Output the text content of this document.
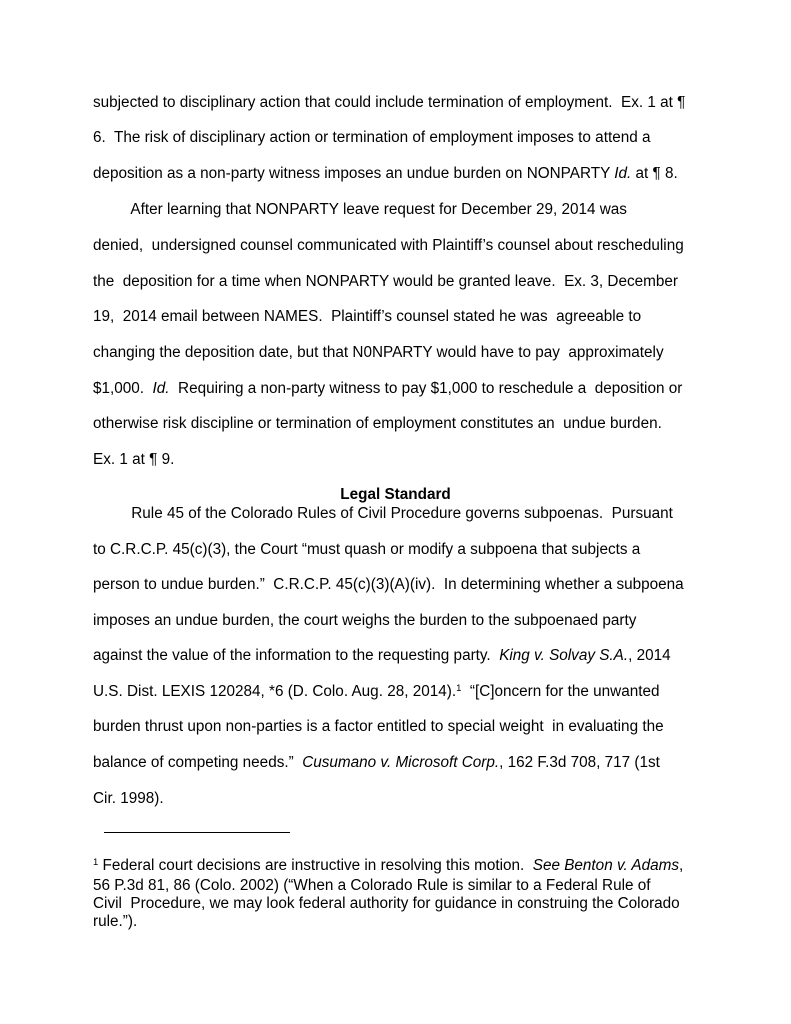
subjected to disciplinary action that could include termination of employment.  Ex. 1 at ¶
6.  The risk of disciplinary action or termination of employment imposes to attend a
deposition as a non-party witness imposes an undue burden on NONPARTY Id. at ¶ 8.
After learning that NONPARTY leave request for December 29, 2014 was
denied,  undersigned counsel communicated with Plaintiff’s counsel about rescheduling
the  deposition for a time when NONPARTY would be granted leave.  Ex. 3, December
19,  2014 email between NAMES.  Plaintiff’s counsel stated he was  agreeable to
changing the deposition date, but that N0NPARTY would have to pay  approximately
$1,000.  Id.  Requiring a non-party witness to pay $1,000 to reschedule a  deposition or
otherwise risk discipline or termination of employment constitutes an  undue burden.
Ex. 1 at ¶ 9.
Legal Standard
Rule 45 of the Colorado Rules of Civil Procedure governs subpoenas.  Pursuant
to C.R.C.P. 45(c)(3), the Court “must quash or modify a subpoena that subjects a
person to undue burden.”  C.R.C.P. 45(c)(3)(A)(iv).  In determining whether a subpoena
imposes an undue burden, the court weighs the burden to the subpoenaed party
against the value of the information to the requesting party.  King v. Solvay S.A., 2014
U.S. Dist. LEXIS 120284, *6 (D. Colo. Aug. 28, 2014).$^1$  “[C]oncern for the unwanted
burden thrust upon non-parties is a factor entitled to special weight  in evaluating the
balance of competing needs.”  Cusumano v. Microsoft Corp., 162 F.3d 708, 717 (1st
Cir. 1998).
$^1$ Federal court decisions are instructive in resolving this motion.  See Benton v. Adams,
56 P.3d 81, 86 (Colo. 2002) (“When a Colorado Rule is similar to a Federal Rule of
Civil  Procedure, we may look federal authority for guidance in construing the Colorado
rule.”).
